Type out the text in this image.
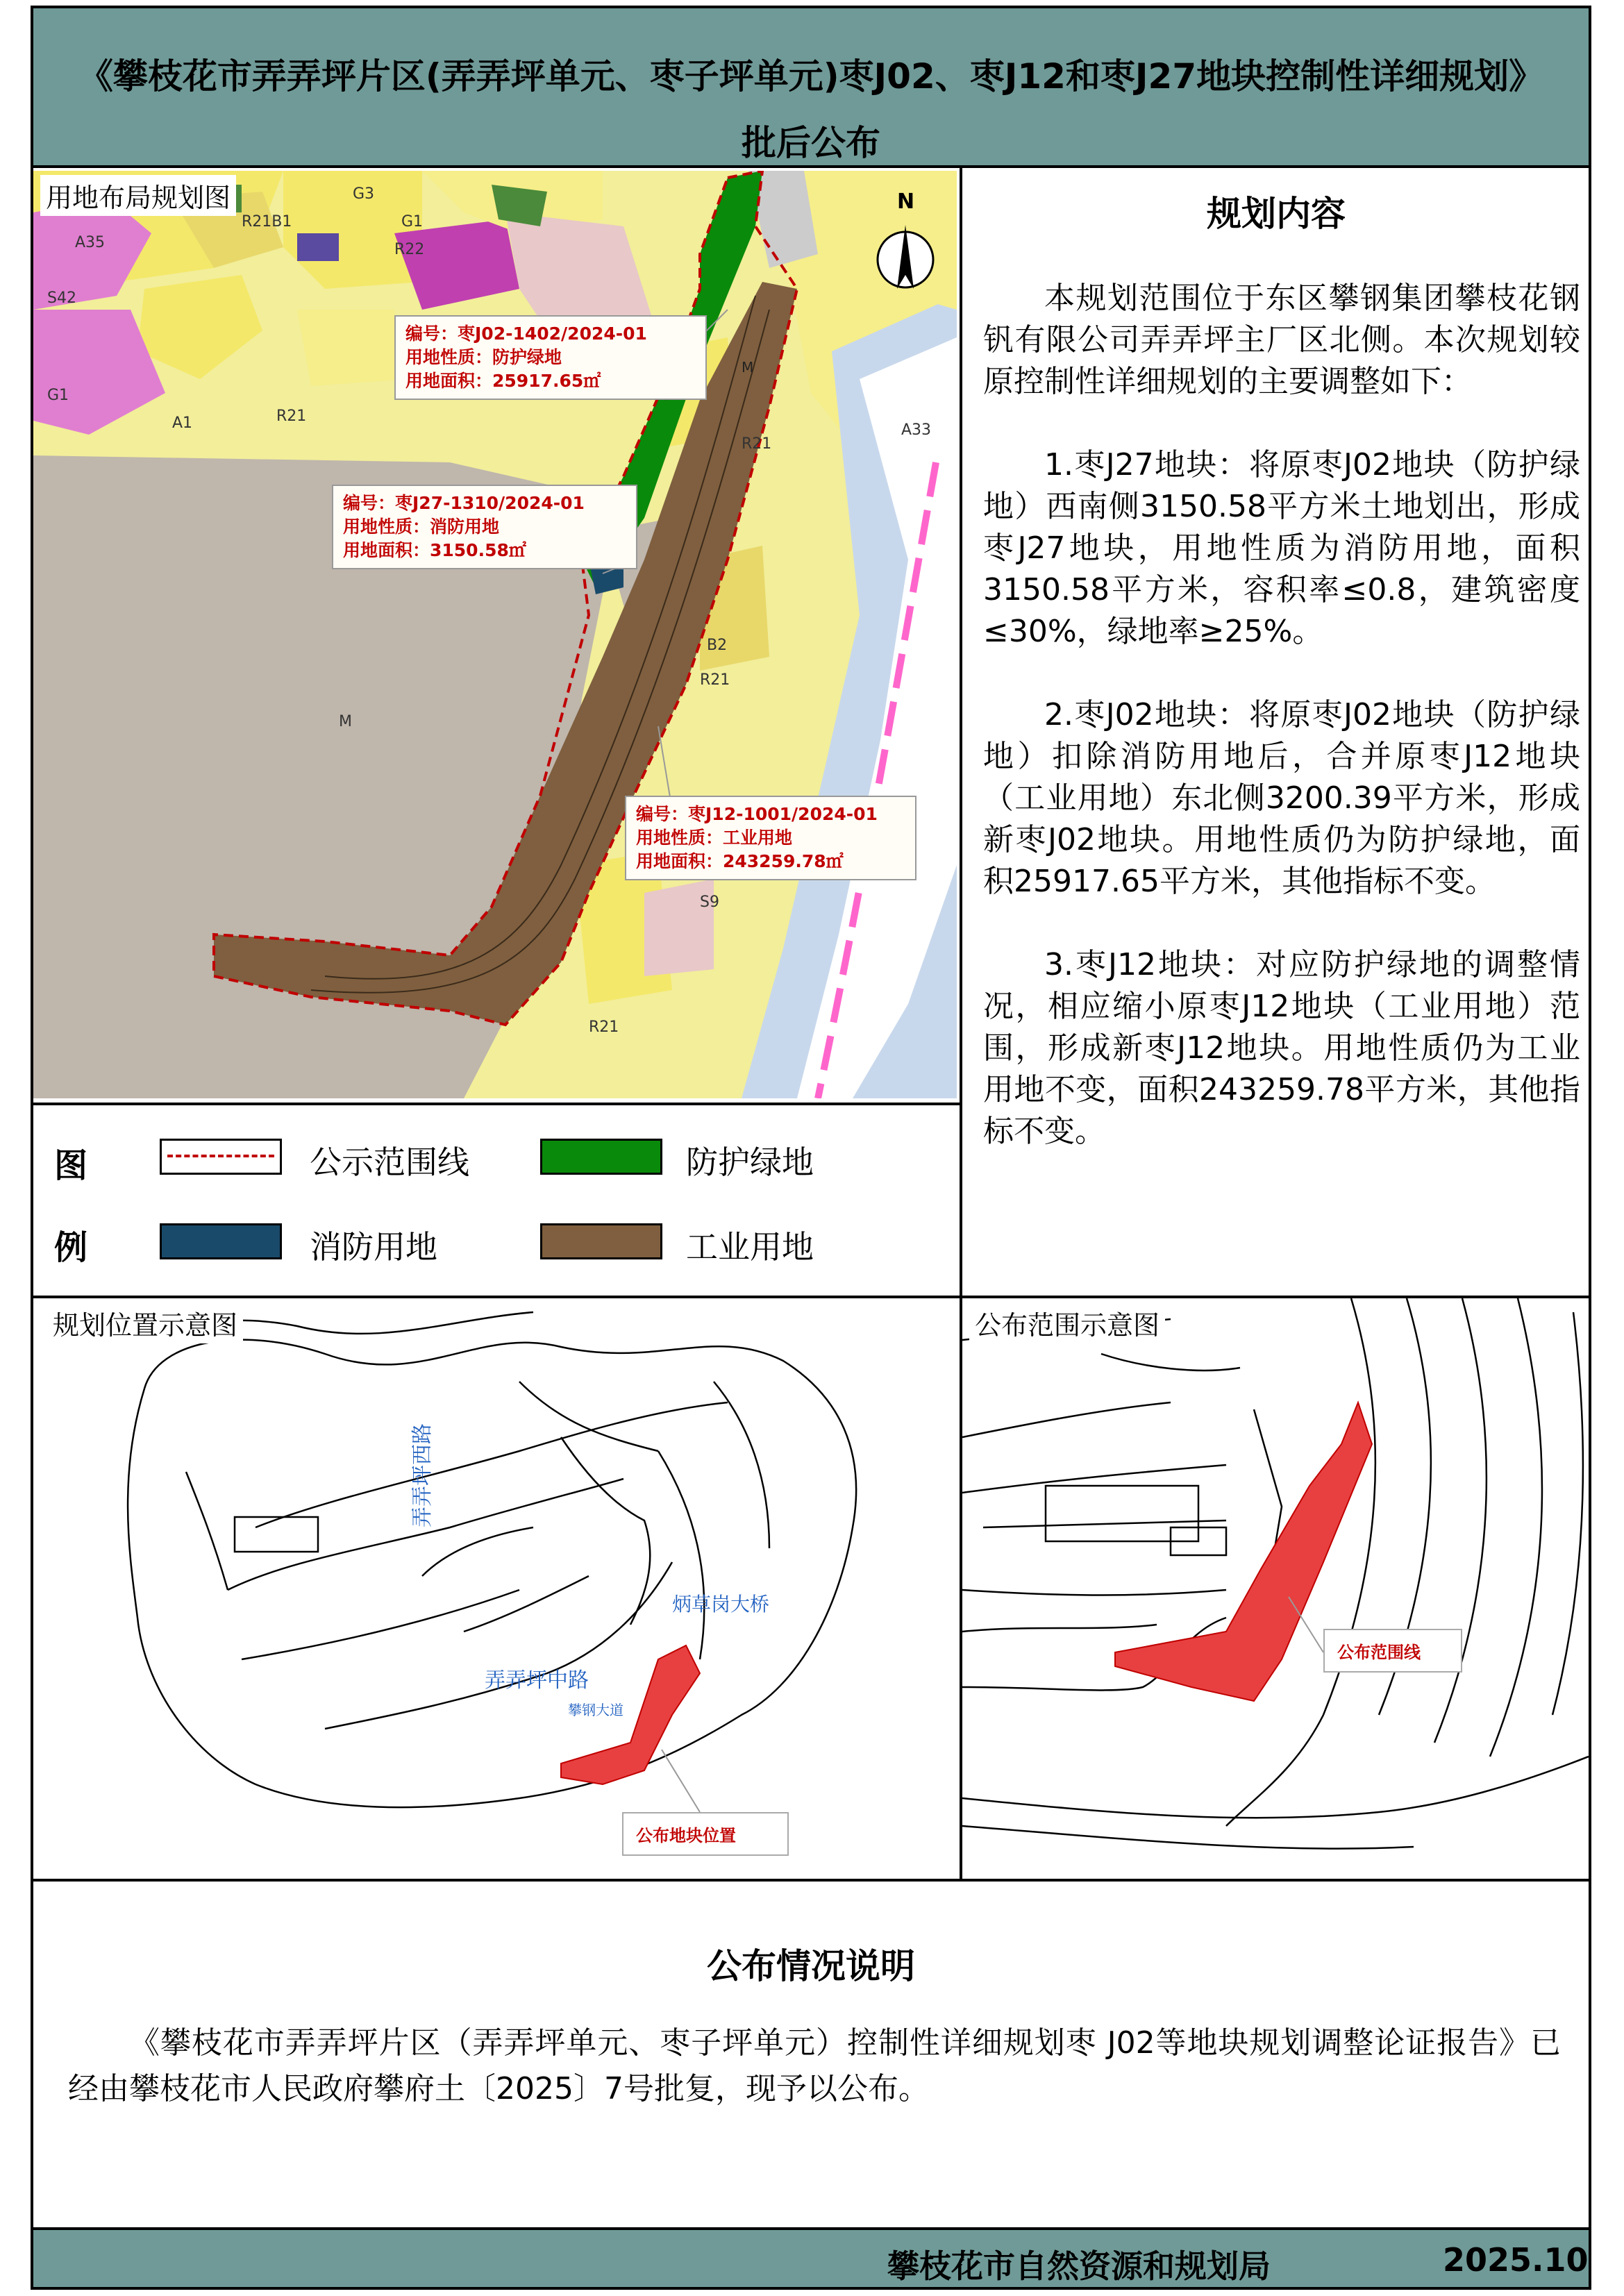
《攀枝花市弄弄坪片区(弄弄坪单元、枣子坪单元)枣J02、枣J12和枣J27地块控制性详细规划》
批后公布
G3
R21B1	G1
A35
S42
R22
R21
A33
R21
M
B2
A1
G1
M
R21
R21
S9
N
用地布局规划图
编号：枣J02-1402/2024-01
用地性质：防护绿地
用地面积：25917.65㎡
编号：枣J27-1310/2024-01
用地性质：消防用地
用地面积：3150.58㎡
编号：枣J12-1001/2024-01
用地性质：工业用地
用地面积：243259.78㎡
规划内容
本规划范围位于东区攀钢集团攀枝花钢钒有限公司弄弄坪主厂区北侧。本次规划较原控制性详细规划的主要调整如下：
1.枣J27地块：将原枣J02地块（防护绿地）西南侧3150.58平方米土地划出，形成枣J27地块，用地性质为消防用地，面积3150.58平方米，容积率≤0.8，建筑密度≤30%，绿地率≥25%。
2.枣J02地块：将原枣J02地块（防护绿地）扣除消防用地后，合并原枣J12地块（工业用地）东北侧3200.39平方米，形成新枣J02地块。用地性质仍为防护绿地，面积25917.65平方米，其他指标不变。
3.枣J12地块：对应防护绿地的调整情况，相应缩小原枣J12地块（工业用地）范围，形成新枣J12地块。用地性质仍为工业用地不变，面积243259.78平方米，其他指标不变。
图
例
公示范围线	防护绿地
消防用地	工业用地
弄弄坪西路
弄弄坪中路
炳草岗大桥
攀钢大道
规划位置示意图
公布地块位置
公布范围示意图
公布范围线
公布情况说明
《攀枝花市弄弄坪片区（弄弄坪单元、枣子坪单元）控制性详细规划枣 J02等地块规划调整论证报告》已经由攀枝花市人民政府攀府土〔2025〕7号批复，现予以公布。
攀枝花市自然资源和规划局	2025.10
